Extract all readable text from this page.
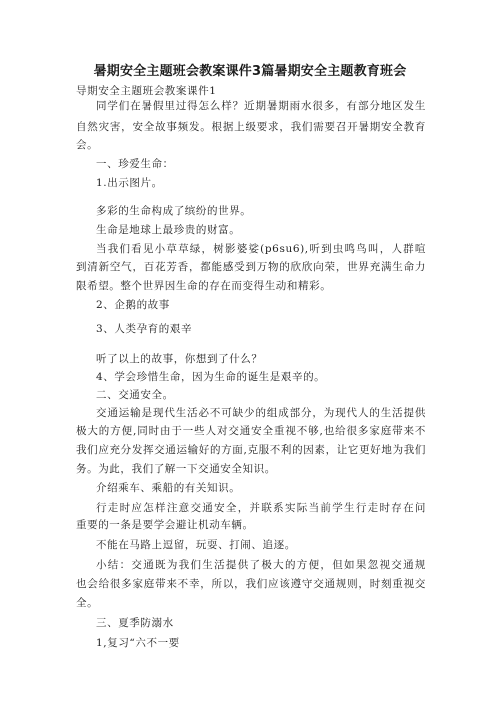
暑期安全主题班会教案课件3篇暑期安全主题教育班会
导期安全主题班会教案课件1
同学们在暑假里过得怎么样？近期暑期雨水很多，有部分地区发生
自然灾害，安全故事频发。根据上级要求，我们需要召开暑期安全教育
会。
一、珍爱生命：
1.出示图片。
多彩的生命构成了缤纷的世界。
生命是地球上最珍贵的财富。
当我们看见小草草绿，树影婆娑(p6su6),听到虫鸣鸟叫，人群喧
到清新空气，百花芳香，都能感受到万物的欣欣向荣，世界充满生命力
限希望。整个世界因生命的存在而变得生动和精彩。
2、企鹅的故事
3、人类孕育的艰辛
听了以上的故事，你想到了什么？
4、学会珍惜生命，因为生命的诞生是艰辛的。
二、交通安全。
交通运输是现代生活必不可缺少的组成部分，为现代人的生活提供
极大的方便,同时由于一些人对交通安全重视不够,也给很多家庭带来不
我们应充分发挥交通运输好的方面,克服不利的因素，让它更好地为我们
务。为此，我们了解一下交通安全知识。
介绍乘车、乘船的有关知识。
行走时应怎样注意交通安全，并联系实际当前学生行走时存在问
重要的一条是要学会避让机动车辆。
不能在马路上逗留，玩耍、打闹、追逐。
小结：交通既为我们生活提供了极大的方便，但如果忽视交通规
也会给很多家庭带来不幸，所以，我们应该遵守交通规则，时刻重视交
全。
三、夏季防溺水
1,复习“六不一要
